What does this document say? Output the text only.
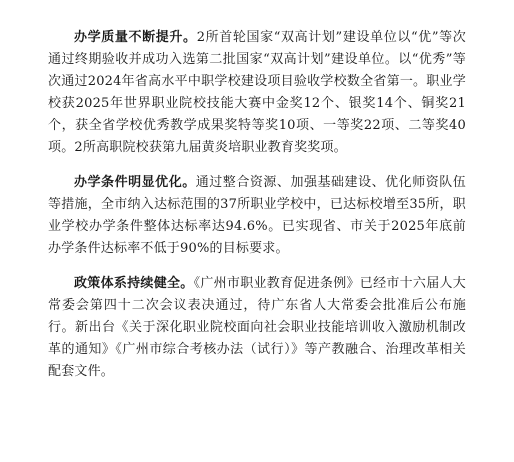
办学质量不断提升。2所首轮国家“双高计划”建设单位以“优”等次通过终期验收并成功入选第二批国家“双高计划”建设单位。以“优秀”等次通过2024年省高水平中职学校建设项目验收学校数全省第一。职业学校获2025年世界职业院校技能大赛中金奖12个、银奖14个、铜奖21个，获全省学校优秀教学成果奖特等奖10项、一等奖22项、二等奖40项。2所高职院校获第九届黄炎培职业教育奖奖项。

办学条件明显优化。通过整合资源、加强基础建设、优化师资队伍等措施，全市纳入达标范围的37所职业学校中，已达标校增至35所，职业学校办学条件整体达标率达94.6%。已实现省、市关于2025年底前办学条件达标率不低于90%的目标要求。

政策体系持续健全。《广州市职业教育促进条例》已经市十六届人大常委会第四十二次会议表决通过，待广东省人大常委会批准后公布施行。新出台《关于深化职业院校面向社会职业技能培训收入激励机制改革的通知》《广州市综合考核办法（试行）》等产教融合、治理改革相关配套文件。
